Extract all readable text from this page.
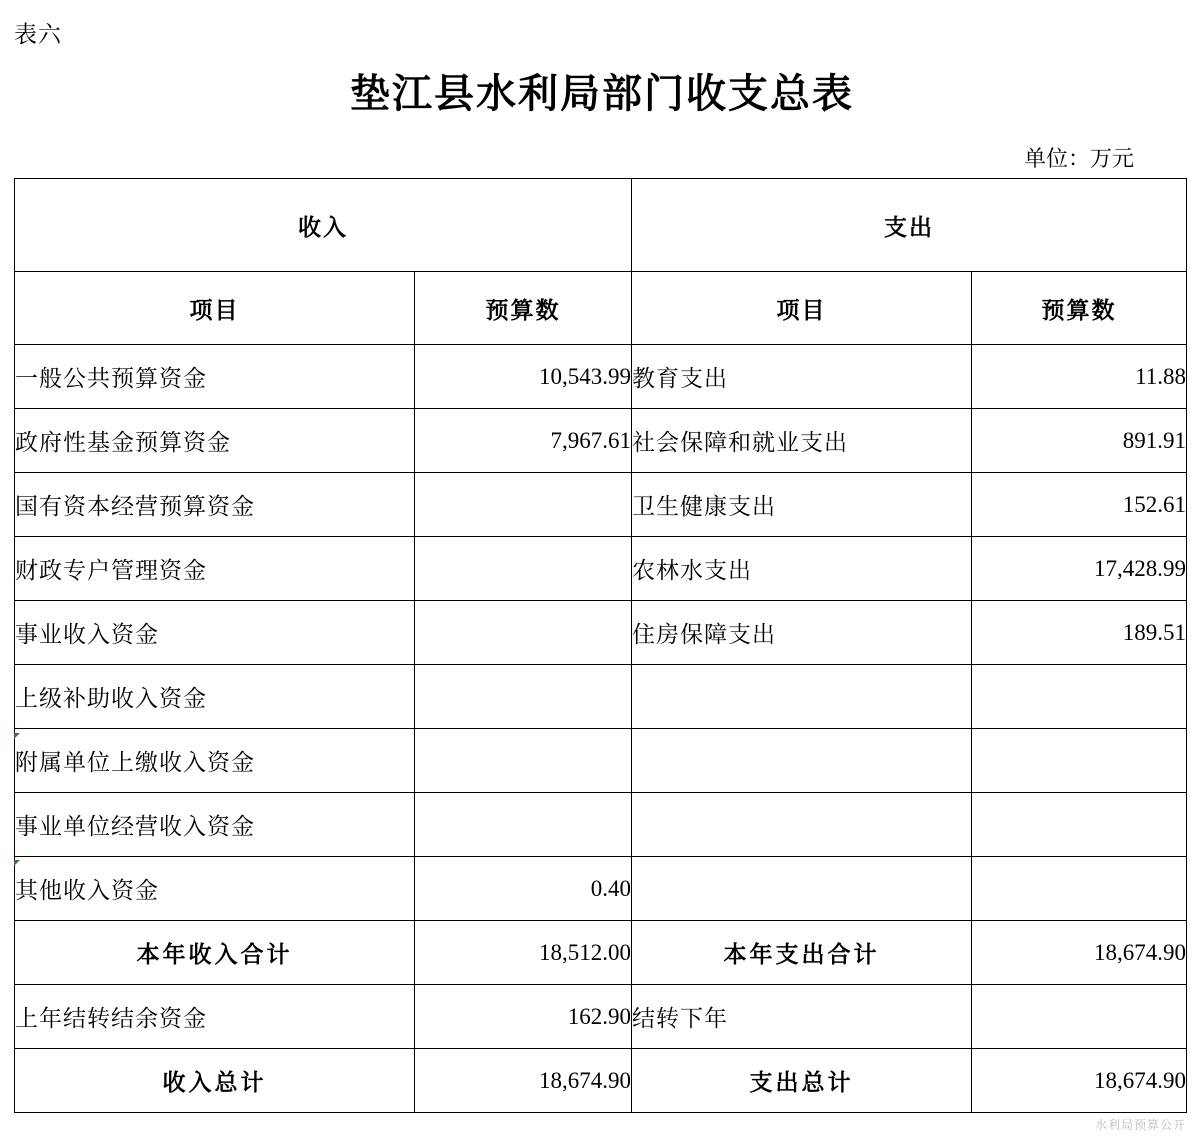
表六
垫江县水利局部门收支总表
单位：万元
收入		支出	
项目	预算数	项目	预算数
一般公共预算资金	10,543.99	教育支出	11.88
政府性基金预算资金	7,967.61	社会保障和就业支出	891.91
国有资本经营预算资金		卫生健康支出	152.61
财政专户管理资金		农林水支出	17,428.99
事业收入资金		住房保障支出	189.51
上级补助收入资金			
附属单位上缴收入资金			
事业单位经营收入资金			
其他收入资金	0.40		
本年收入合计	18,512.00	本年支出合计	18,674.90
上年结转结余资金	162.90	结转下年	
收入总计	18,674.90	支出总计	18,674.90
水利局预算公开
